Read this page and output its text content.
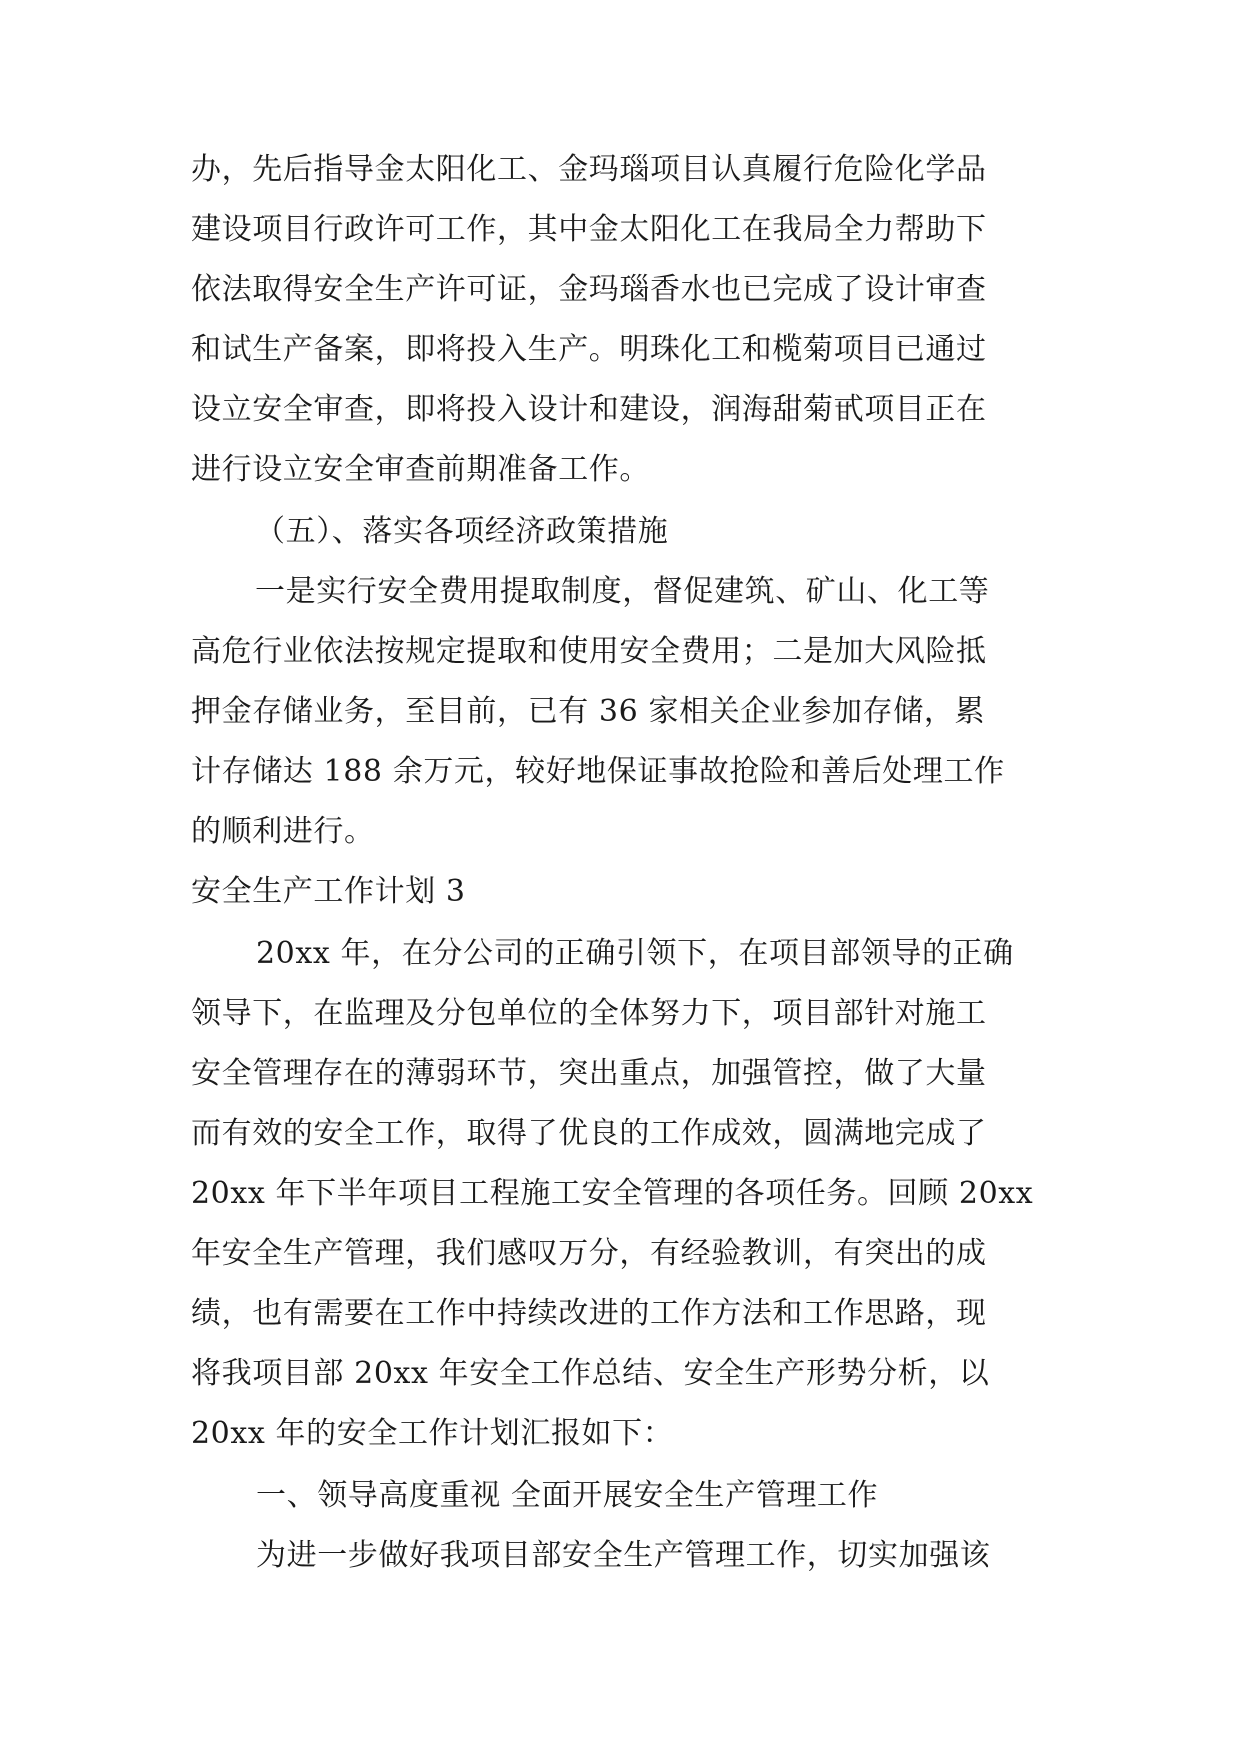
办，先后指导金太阳化工、金玛瑙项目认真履行危险化学品
建设项目行政许可工作，其中金太阳化工在我局全力帮助下
依法取得安全生产许可证，金玛瑙香水也已完成了设计审查
和试生产备案，即将投入生产。明珠化工和榄菊项目已通过
设立安全审查，即将投入设计和建设，润海甜菊甙项目正在
进行设立安全审查前期准备工作。
（五）、落实各项经济政策措施
一是实行安全费用提取制度，督促建筑、矿山、化工等
高危行业依法按规定提取和使用安全费用；二是加大风险抵
押金存储业务，至目前，已有 36 家相关企业参加存储，累
计存储达 188 余万元，较好地保证事故抢险和善后处理工作
的顺利进行。
安全生产工作计划 3
20xx 年，在分公司的正确引领下，在项目部领导的正确
领导下，在监理及分包单位的全体努力下，项目部针对施工
安全管理存在的薄弱环节，突出重点，加强管控，做了大量
而有效的安全工作，取得了优良的工作成效，圆满地完成了
20xx 年下半年项目工程施工安全管理的各项任务。回顾 20xx
年安全生产管理，我们感叹万分，有经验教训，有突出的成
绩，也有需要在工作中持续改进的工作方法和工作思路，现
将我项目部 20xx 年安全工作总结、安全生产形势分析，以
20xx 年的安全工作计划汇报如下：
一、领导高度重视 全面开展安全生产管理工作
为进一步做好我项目部安全生产管理工作，切实加强该
